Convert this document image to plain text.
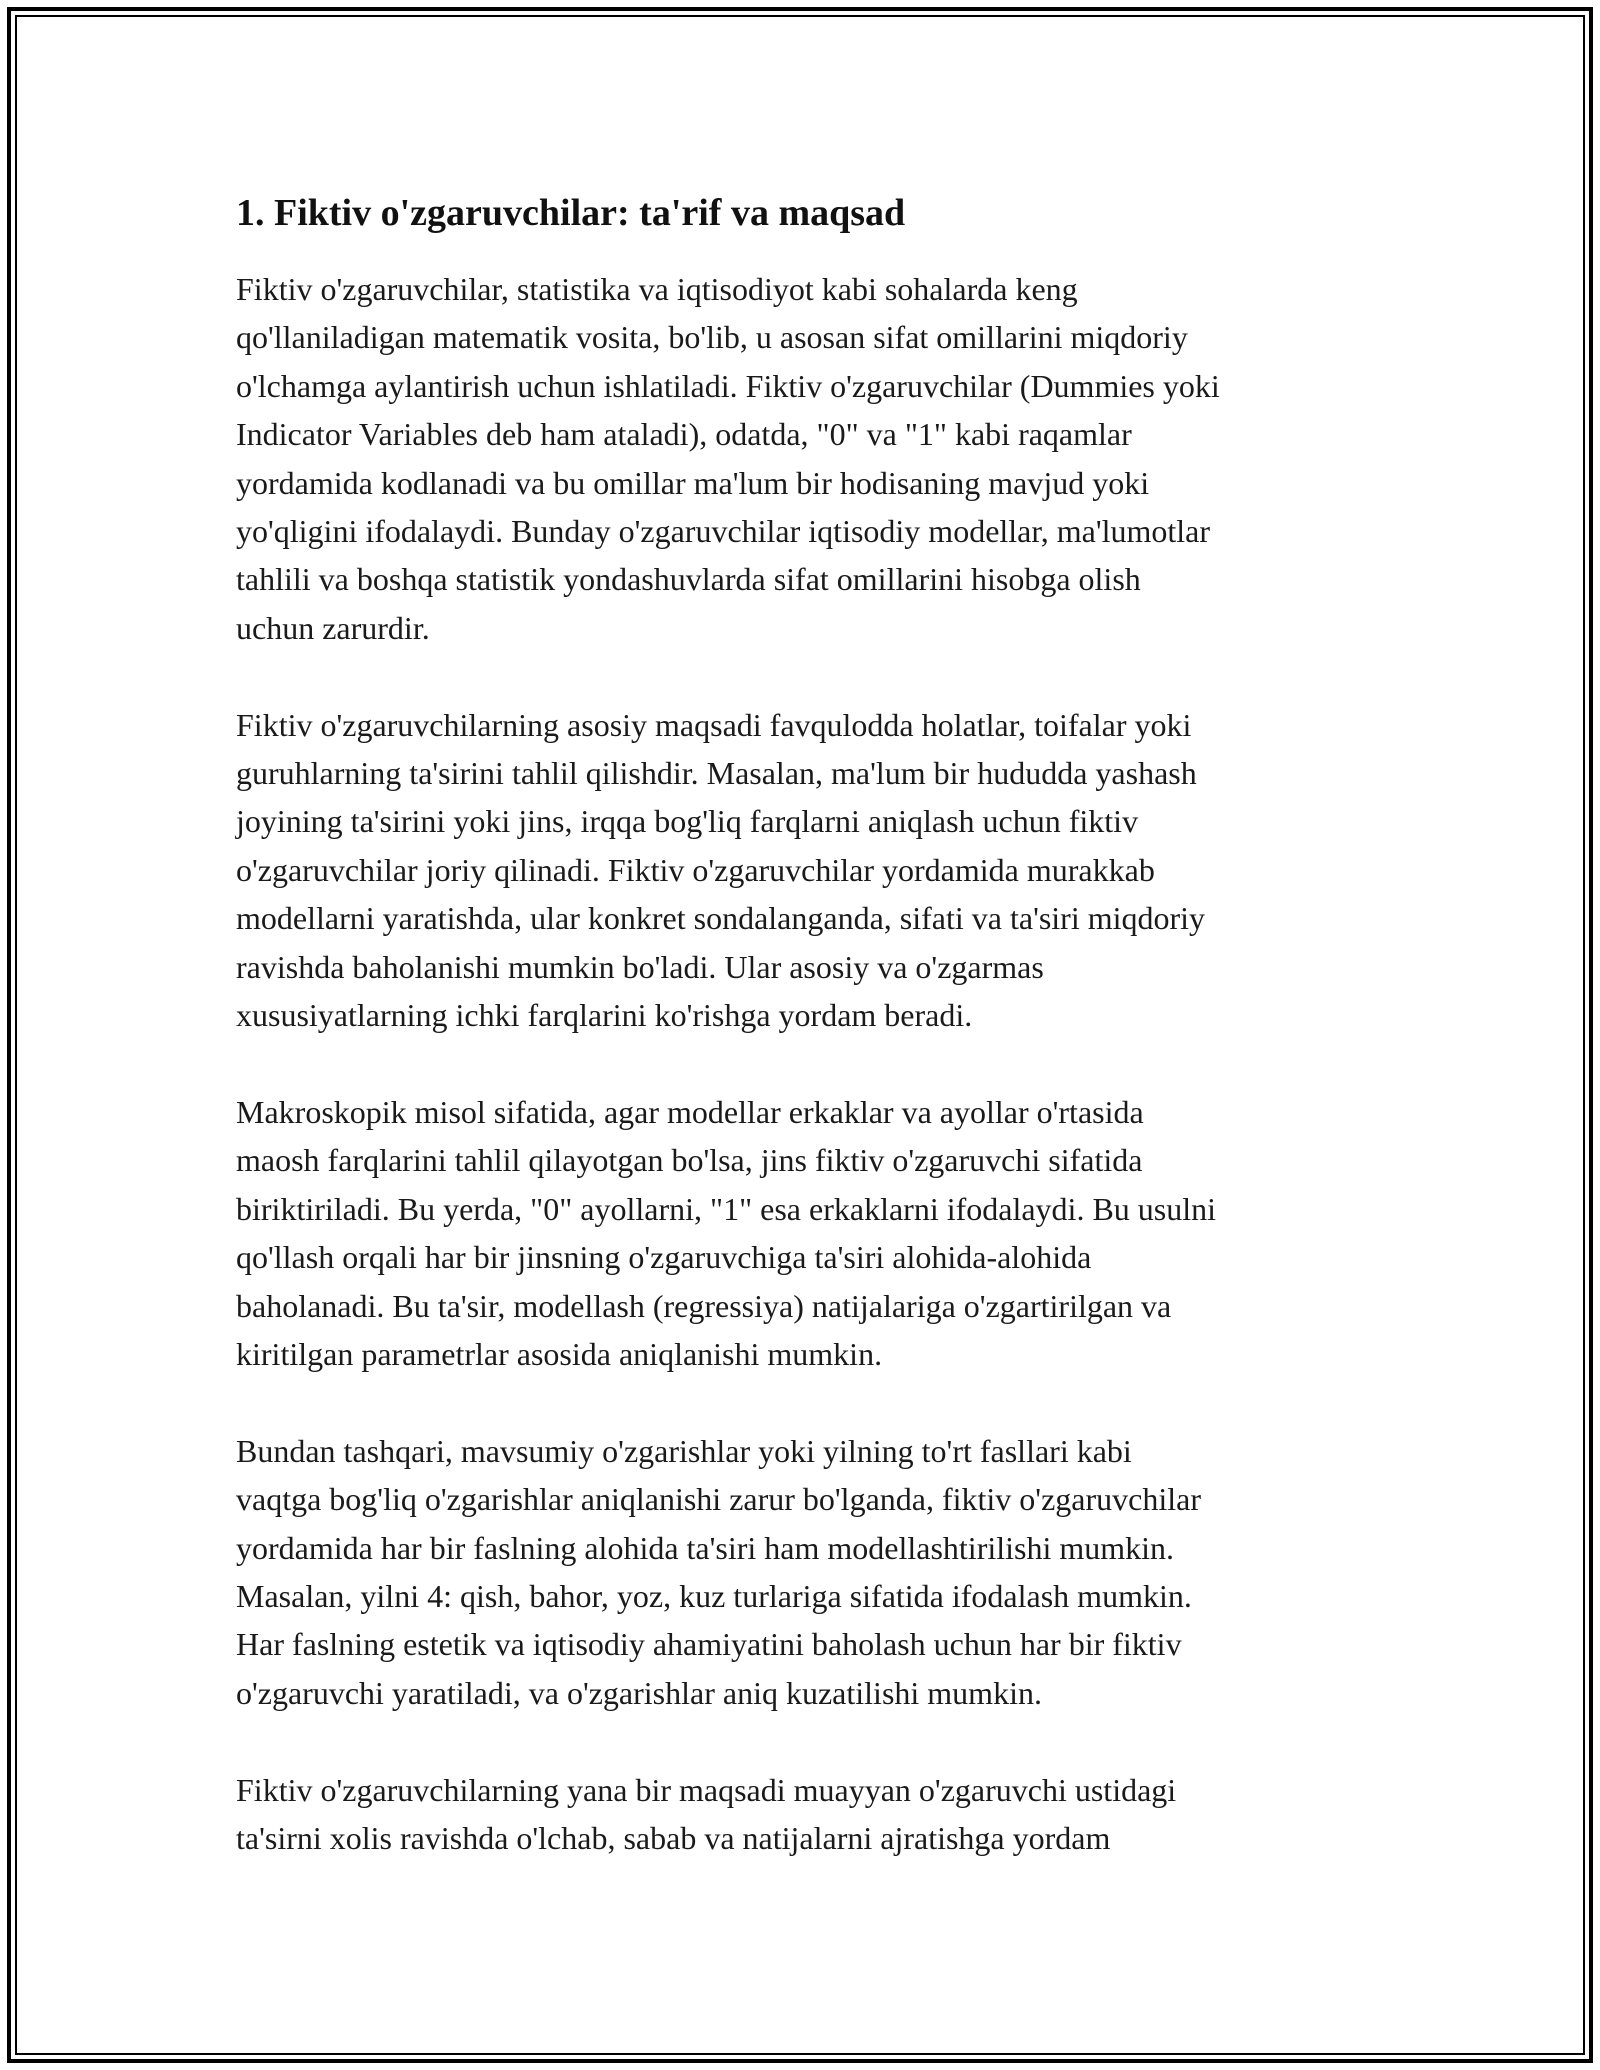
1. Fiktiv o'zgaruvchilar: ta'rif va maqsad
Fiktiv o'zgaruvchilar, statistika va iqtisodiyot kabi sohalarda keng
qo'llaniladigan matematik vosita, bo'lib, u asosan sifat omillarini miqdoriy
o'lchamga aylantirish uchun ishlatiladi. Fiktiv o'zgaruvchilar (Dummies yoki
Indicator Variables deb ham ataladi), odatda, "0" va "1" kabi raqamlar
yordamida kodlanadi va bu omillar ma'lum bir hodisaning mavjud yoki
yo'qligini ifodalaydi. Bunday o'zgaruvchilar iqtisodiy modellar, ma'lumotlar
tahlili va boshqa statistik yondashuvlarda sifat omillarini hisobga olish
uchun zarurdir.
Fiktiv o'zgaruvchilarning asosiy maqsadi favqulodda holatlar, toifalar yoki
guruhlarning ta'sirini tahlil qilishdir. Masalan, ma'lum bir hududda yashash
joyining ta'sirini yoki jins, irqqa bog'liq farqlarni aniqlash uchun fiktiv
o'zgaruvchilar joriy qilinadi. Fiktiv o'zgaruvchilar yordamida murakkab
modellarni yaratishda, ular konkret sondalanganda, sifati va ta'siri miqdoriy
ravishda baholanishi mumkin bo'ladi. Ular asosiy va o'zgarmas
xususiyatlarning ichki farqlarini ko'rishga yordam beradi.
Makroskopik misol sifatida, agar modellar erkaklar va ayollar o'rtasida
maosh farqlarini tahlil qilayotgan bo'lsa, jins fiktiv o'zgaruvchi sifatida
biriktiriladi. Bu yerda, "0" ayollarni, "1" esa erkaklarni ifodalaydi. Bu usulni
qo'llash orqali har bir jinsning o'zgaruvchiga ta'siri alohida-alohida
baholanadi. Bu ta'sir, modellash (regressiya) natijalariga o'zgartirilgan va
kiritilgan parametrlar asosida aniqlanishi mumkin.
Bundan tashqari, mavsumiy o'zgarishlar yoki yilning to'rt fasllari kabi
vaqtga bog'liq o'zgarishlar aniqlanishi zarur bo'lganda, fiktiv o'zgaruvchilar
yordamida har bir faslning alohida ta'siri ham modellashtirilishi mumkin.
Masalan, yilni 4: qish, bahor, yoz, kuz turlariga sifatida ifodalash mumkin.
Har faslning estetik va iqtisodiy ahamiyatini baholash uchun har bir fiktiv
o'zgaruvchi yaratiladi, va o'zgarishlar aniq kuzatilishi mumkin.
Fiktiv o'zgaruvchilarning yana bir maqsadi muayyan o'zgaruvchi ustidagi
ta'sirni xolis ravishda o'lchab, sabab va natijalarni ajratishga yordam
